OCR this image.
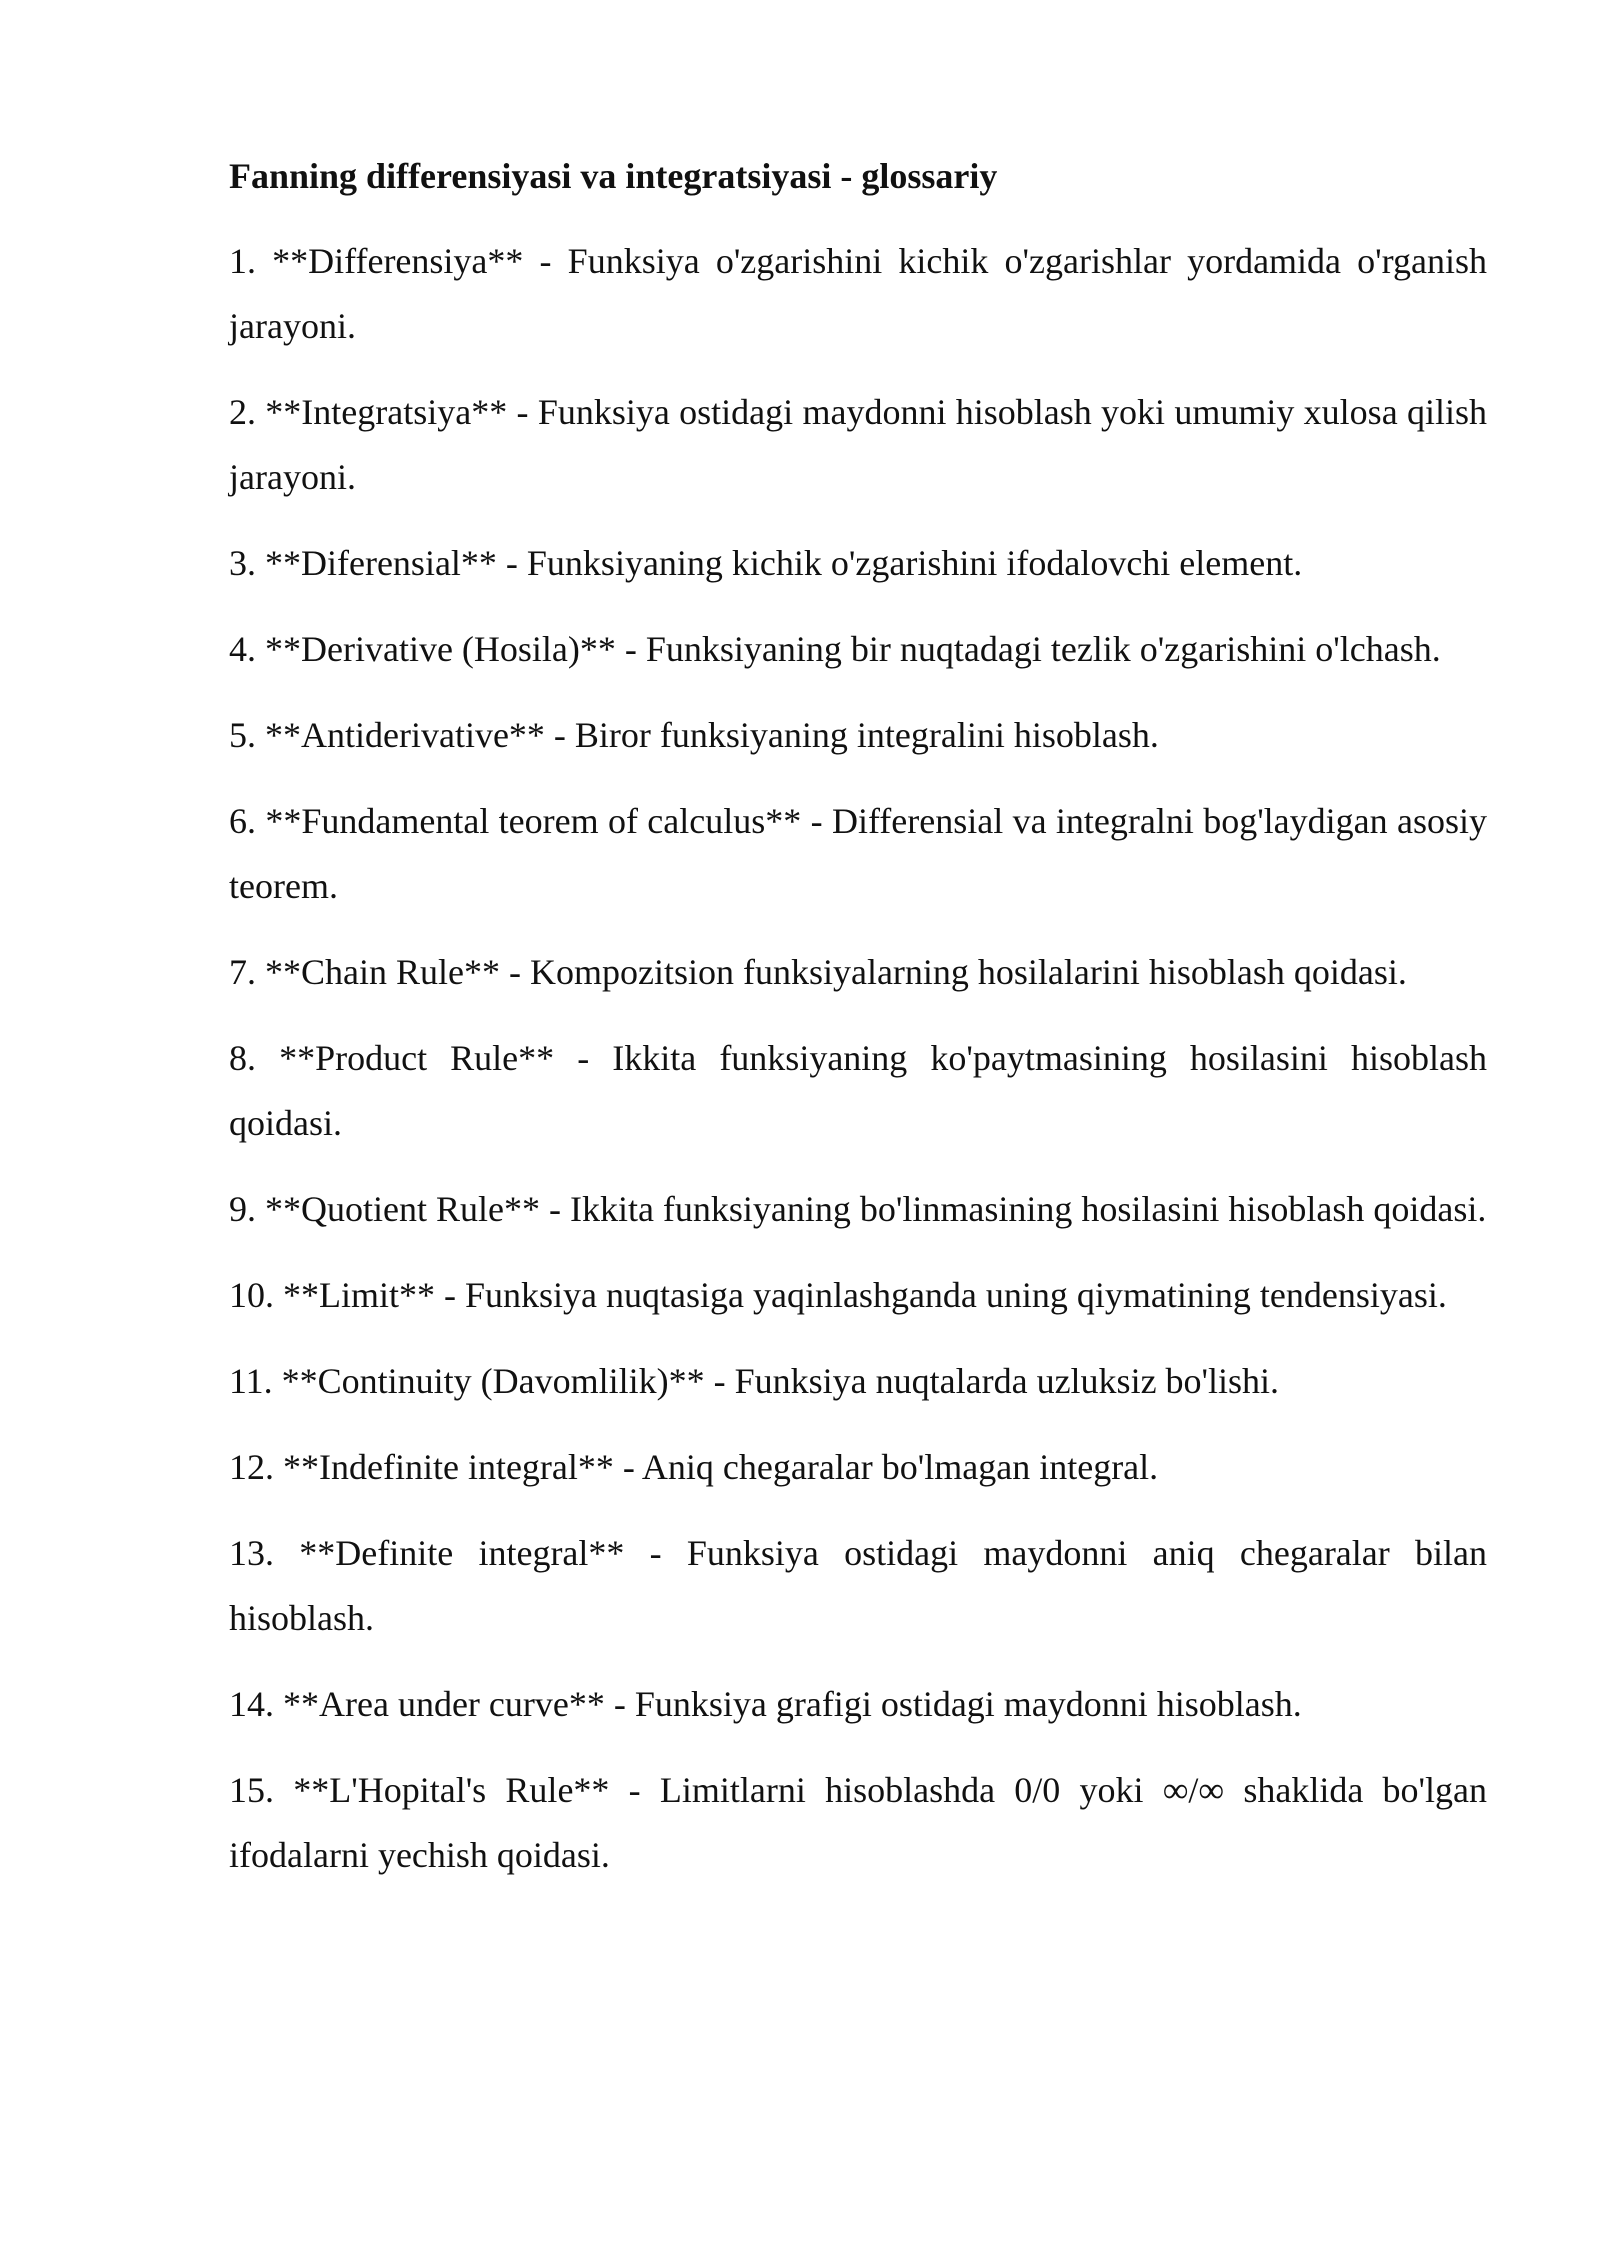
Fanning differensiyasi va integratsiyasi - glossariy

1. **Differensiya** - Funksiya o'zgarishini kichik o'zgarishlar yordamida o'rganish jarayoni.

2. **Integratsiya** - Funksiya ostidagi maydonni hisoblash yoki umumiy xulosa qilish jarayoni.

3. **Diferensial** - Funksiyaning kichik o'zgarishini ifodalovchi element.

4. **Derivative (Hosila)** - Funksiyaning bir nuqtadagi tezlik o'zgarishini o'lchash.

5. **Antiderivative** - Biror funksiyaning integralini hisoblash.

6. **Fundamental teorem of calculus** - Differensial va integralni bog'laydigan asosiy teorem.

7. **Chain Rule** - Kompozitsion funksiyalarning hosilalarini hisoblash qoidasi.

8. **Product Rule** - Ikkita funksiyaning ko'paytmasining hosilasini hisoblash qoidasi.

9. **Quotient Rule** - Ikkita funksiyaning bo'linmasining hosilasini hisoblash qoidasi.

10. **Limit** - Funksiya nuqtasiga yaqinlashganda uning qiymatining tendensiyasi.

11. **Continuity (Davomlilik)** - Funksiya nuqtalarda uzluksiz bo'lishi.

12. **Indefinite integral** - Aniq chegaralar bo'lmagan integral.

13. **Definite integral** - Funksiya ostidagi maydonni aniq chegaralar bilan hisoblash.

14. **Area under curve** - Funksiya grafigi ostidagi maydonni hisoblash.

15. **L'Hopital's Rule** - Limitlarni hisoblashda 0/0 yoki ∞/∞ shaklida bo'lgan ifodalarni yechish qoidasi.
